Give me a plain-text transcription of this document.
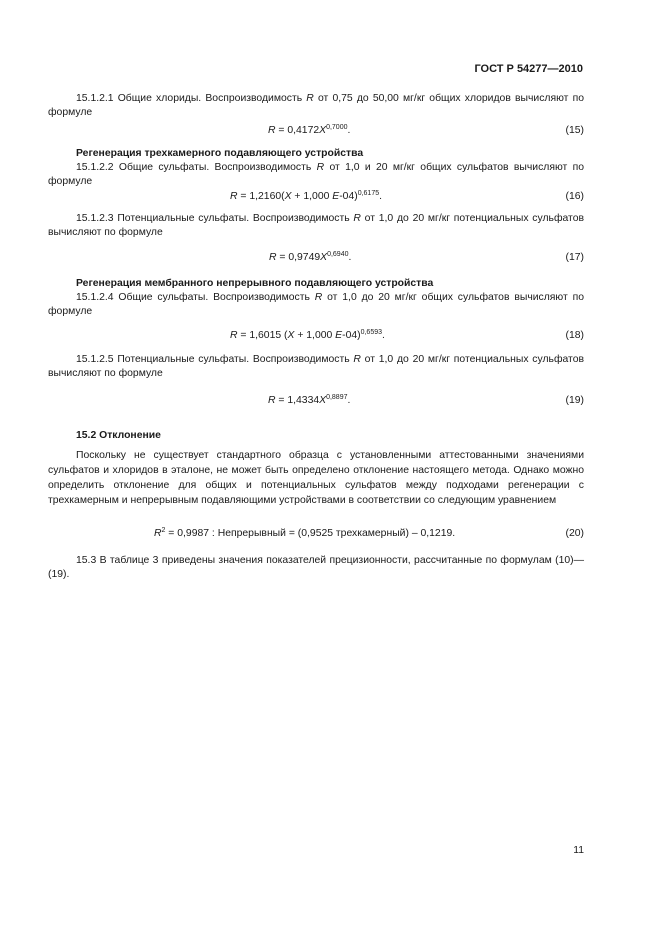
ГОСТ Р 54277—2010
15.1.2.1 Общие хлориды. Воспроизводимость R от 0,75 до 50,00 мг/кг общих хлоридов вычисляют по формуле
$R = 0,4172X^{0,7000}$.	(15)
Регенерация трехкамерного подавляющего устройства
15.1.2.2 Общие сульфаты. Воспроизводимость R от 1,0 и 20 мг/кг общих сульфатов вычисляют по формуле
R = 1,2160(X + 1,000 E-04)$^{0,6175}$.	(16)
15.1.2.3 Потенциальные сульфаты. Воспроизводимость R от 1,0 до 20 мг/кг потенциальных сульфатов вычисляют по формуле
$R = 0,9749X^{0,6940}$.	(17)
Регенерация мембранного непрерывного подавляющего устройства
15.1.2.4 Общие сульфаты. Воспроизводимость R от 1,0 до 20 мг/кг общих сульфатов вычисляют по формуле
R = 1,6015 (X + 1,000 E-04)$^{0,6593}$.	(18)
15.1.2.5 Потенциальные сульфаты. Воспроизводимость R от 1,0 до 20 мг/кг потенциальных сульфатов вычисляют по формуле
$R = 1,4334X^{0,8897}$.	(19)
15.2 Отклонение
Поскольку не существует стандартного образца с установленными аттестованными значениями сульфатов и хлоридов в эталоне, не может быть определено отклонение настоящего метода. Однако можно определить отклонение для общих и потенциальных сульфатов между подходами регенерации с трехкамерным и непрерывным подавляющими устройствами в соответствии со следующим уравнением
$R^2 = 0,9987$ : Непрерывный = (0,9525 трехкамерный) – 0,1219.	(20)
15.3 В таблице 3 приведены значения показателей прецизионности, рассчитанные по формулам (10)—(19).
11
